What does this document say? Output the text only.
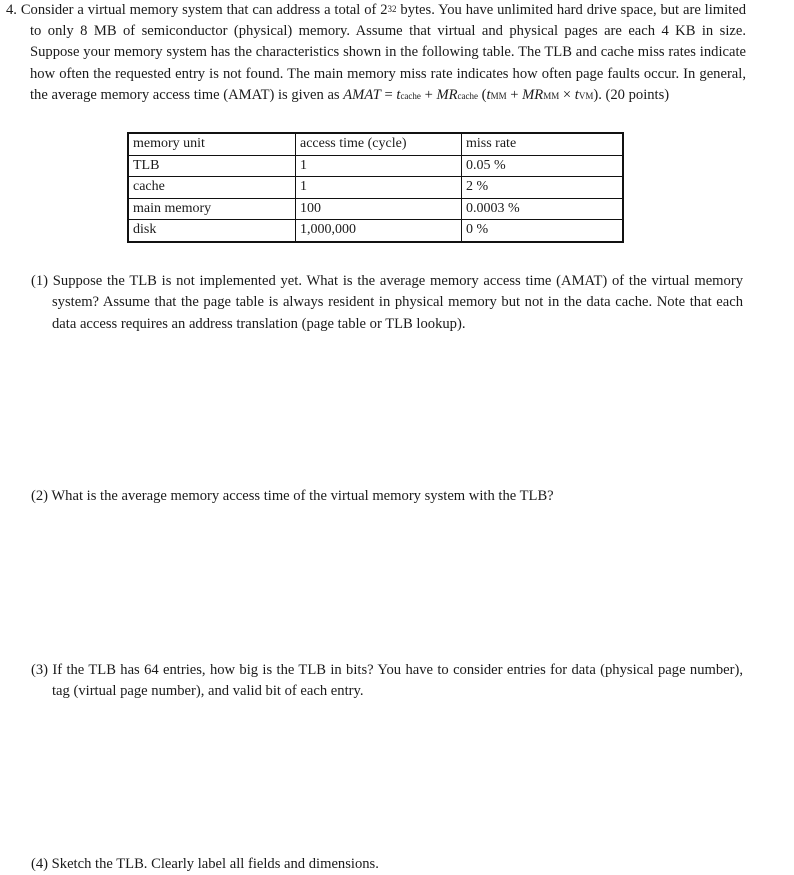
4. Consider a virtual memory system that can address a total of $2^{32}$ bytes. You have unlimited hard drive space, but are limited to only 8 MB of semiconductor (physical) memory. Assume that virtual and physical pages are each 4 KB in size. Suppose your memory system has the characteristics shown in the following table. The TLB and cache miss rates indicate how often the requested entry is not found. The main memory miss rate indicates how often page faults occur. In general, the average memory access time (AMAT) is given as AMAT = tcache + MRcache (tMM + MRMM × tVM). (20 points)
memory unit	access time (cycle)	miss rate
TLB	1	0.05 %
cache	1	2 %
main memory	100	0.0003 %
disk	1,000,000	0 %
(1) Suppose the TLB is not implemented yet. What is the average memory access time (AMAT) of the virtual memory system? Assume that the page table is always resident in physical memory but not in the data cache. Note that each data access requires an address translation (page table or TLB lookup).
(2) What is the average memory access time of the virtual memory system with the TLB?
(3) If the TLB has 64 entries, how big is the TLB in bits? You have to consider entries for data (physical page number), tag (virtual page number), and valid bit of each entry.
(4) Sketch the TLB. Clearly label all fields and dimensions.
